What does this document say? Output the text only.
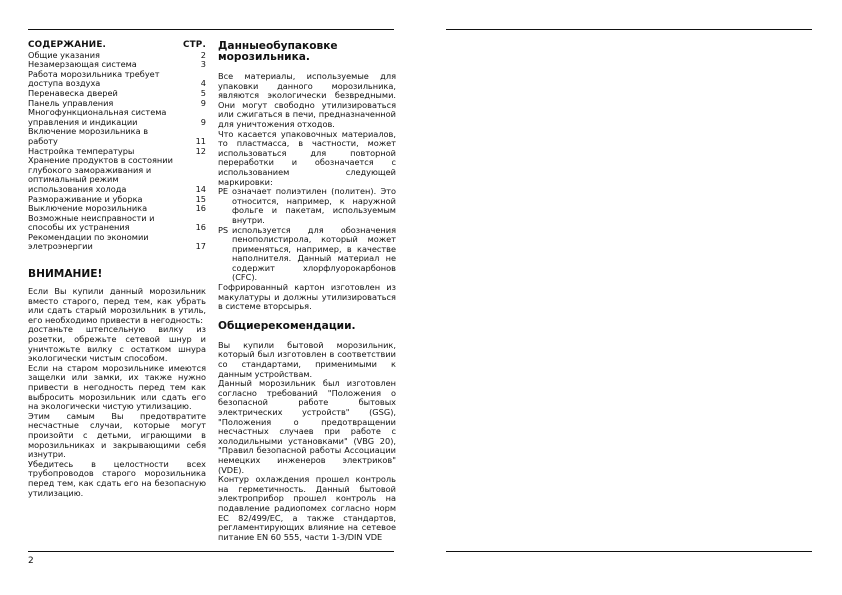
СОДЕРЖАНИЕ.	СТР.
Общие указания	2
Незамерзающая система	3
Работа морозильника требует доступа воздуха	4
Перенавеска дверей	5
Панель управления	9
Многофункциональная система управления и индикации	9
Включение морозильника в работу	11
Настройка температуры	12
Хранение продуктов в состоянии глубокого замораживания и оптимальный режим использования холода	14
Размораживание и уборка	15
Выключение морозильника	16
Возможные неисправности и способы их устранения	16
Рекомендации по экономии элетроэнергии	17
ВНИМАНИЕ!

Если Вы купили данный морозильник вместо старого, перед тем, как убрать или сдать старый морозильник в утиль, его необходимо привести в негодность:

достаньте штепсельную вилку из розетки, обрежьте сетевой шнур и уничтожьте вилку с остатком шнура экологически чистым способом.

Если на старом морозильнике имеются защелки или замки, их также нужно привести в негодность перед тем как выбросить морозильник или сдать его на экологически чистую утилизацию.

Этим самым Вы предотвратите несчастные случаи, которые могут произойти с детьми, играющими в морозильниках и закрывающими себя изнутри.

Убедитесь в целостности всех трубопроводов старого морозильника перед тем, как сдать его на безопасную утилизацию.

Данныеобупаковке морозильника.

Все материалы, используемые для упаковки данного морозильника, являются экологически безвредными. Они могут свободно утилизироваться или сжигаться в печи, предназначенной для уничтожения отходов.

Что касается упаковочных материалов, то пластмасса, в частности, может использоваться для повторной переработки и обозначается с использованием следующей маркировки:

PE означает полиэтилен (политен). Это относится, например, к наружной фольге и пакетам, используемым внутри.
PS используется для обозначения пенополистирола, который может применяться, например, в качестве наполнителя. Данный материал не содержит хлорфлуорокарбонов (CFC).

Гофрированный картон изготовлен из макулатуры и должны утилизироваться в системе вторсырья.

Общиерекомендации.

Вы купили бытовой морозильник, который был изготовлен в соответствии со стандартами, применимыми к данным устройствам.

Данный морозильник был изготовлен согласно требований "Положения о безопасной работе бытовых электрических устройств" (GSG), "Положения о предотвращении несчастных случаев при работе с холодильными установками" (VBG 20), "Правил безопасной работы Ассоциации немецких инженеров электриков" (VDE).

Контур охлаждения прошел контроль на герметичность. Данный бытовой электроприбор прошел контроль на подавление радиопомех согласно норм EC 82/499/EC, а также стандартов, регламентирующих влияние на сетевое питание EN 60 555, части 1-3/DIN VDE

2
